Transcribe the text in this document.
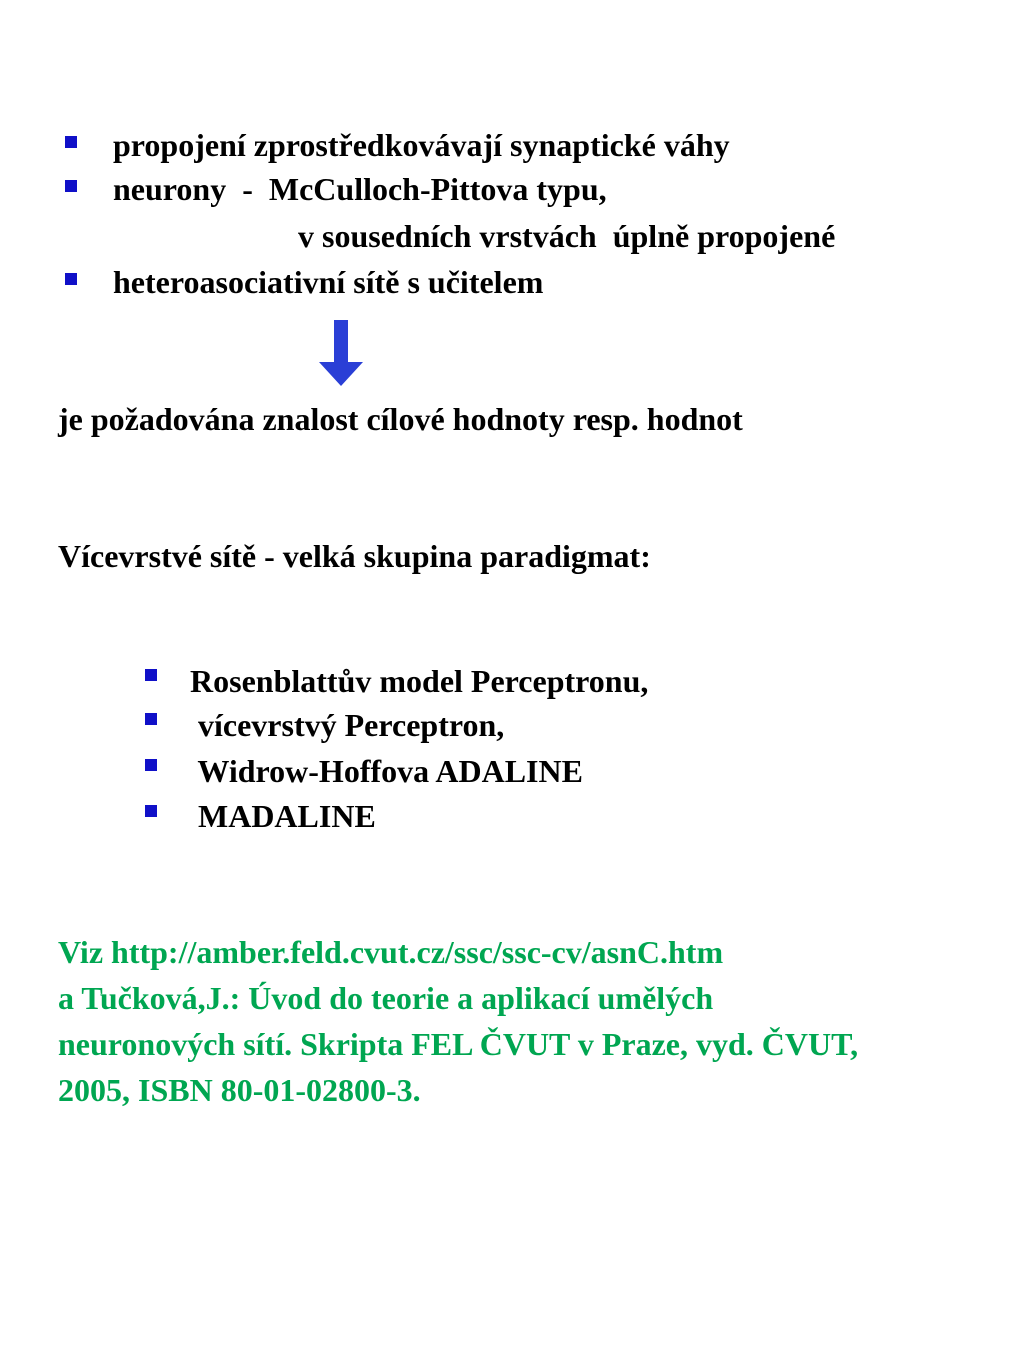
propojení zprostředkovávají synaptické váhy
neurony  -  McCulloch-Pittova typu,
v sousedních vrstvách  úplně propojené
heteroasociativní sítě s učitelem
je požadována znalost cílové hodnoty resp. hodnot
Vícevrstvé sítě - velká skupina paradigmat:
Rosenblattův model Perceptronu,
vícevrstvý Perceptron,
Widrow-Hoffova ADALINE
MADALINE
Viz http://amber.feld.cvut.cz/ssc/ssc-cv/asnC.htm
a Tučková,J.: Úvod do teorie a aplikací umělých
neuronových sítí. Skripta FEL ČVUT v Praze, vyd. ČVUT,
2005, ISBN 80-01-02800-3.
